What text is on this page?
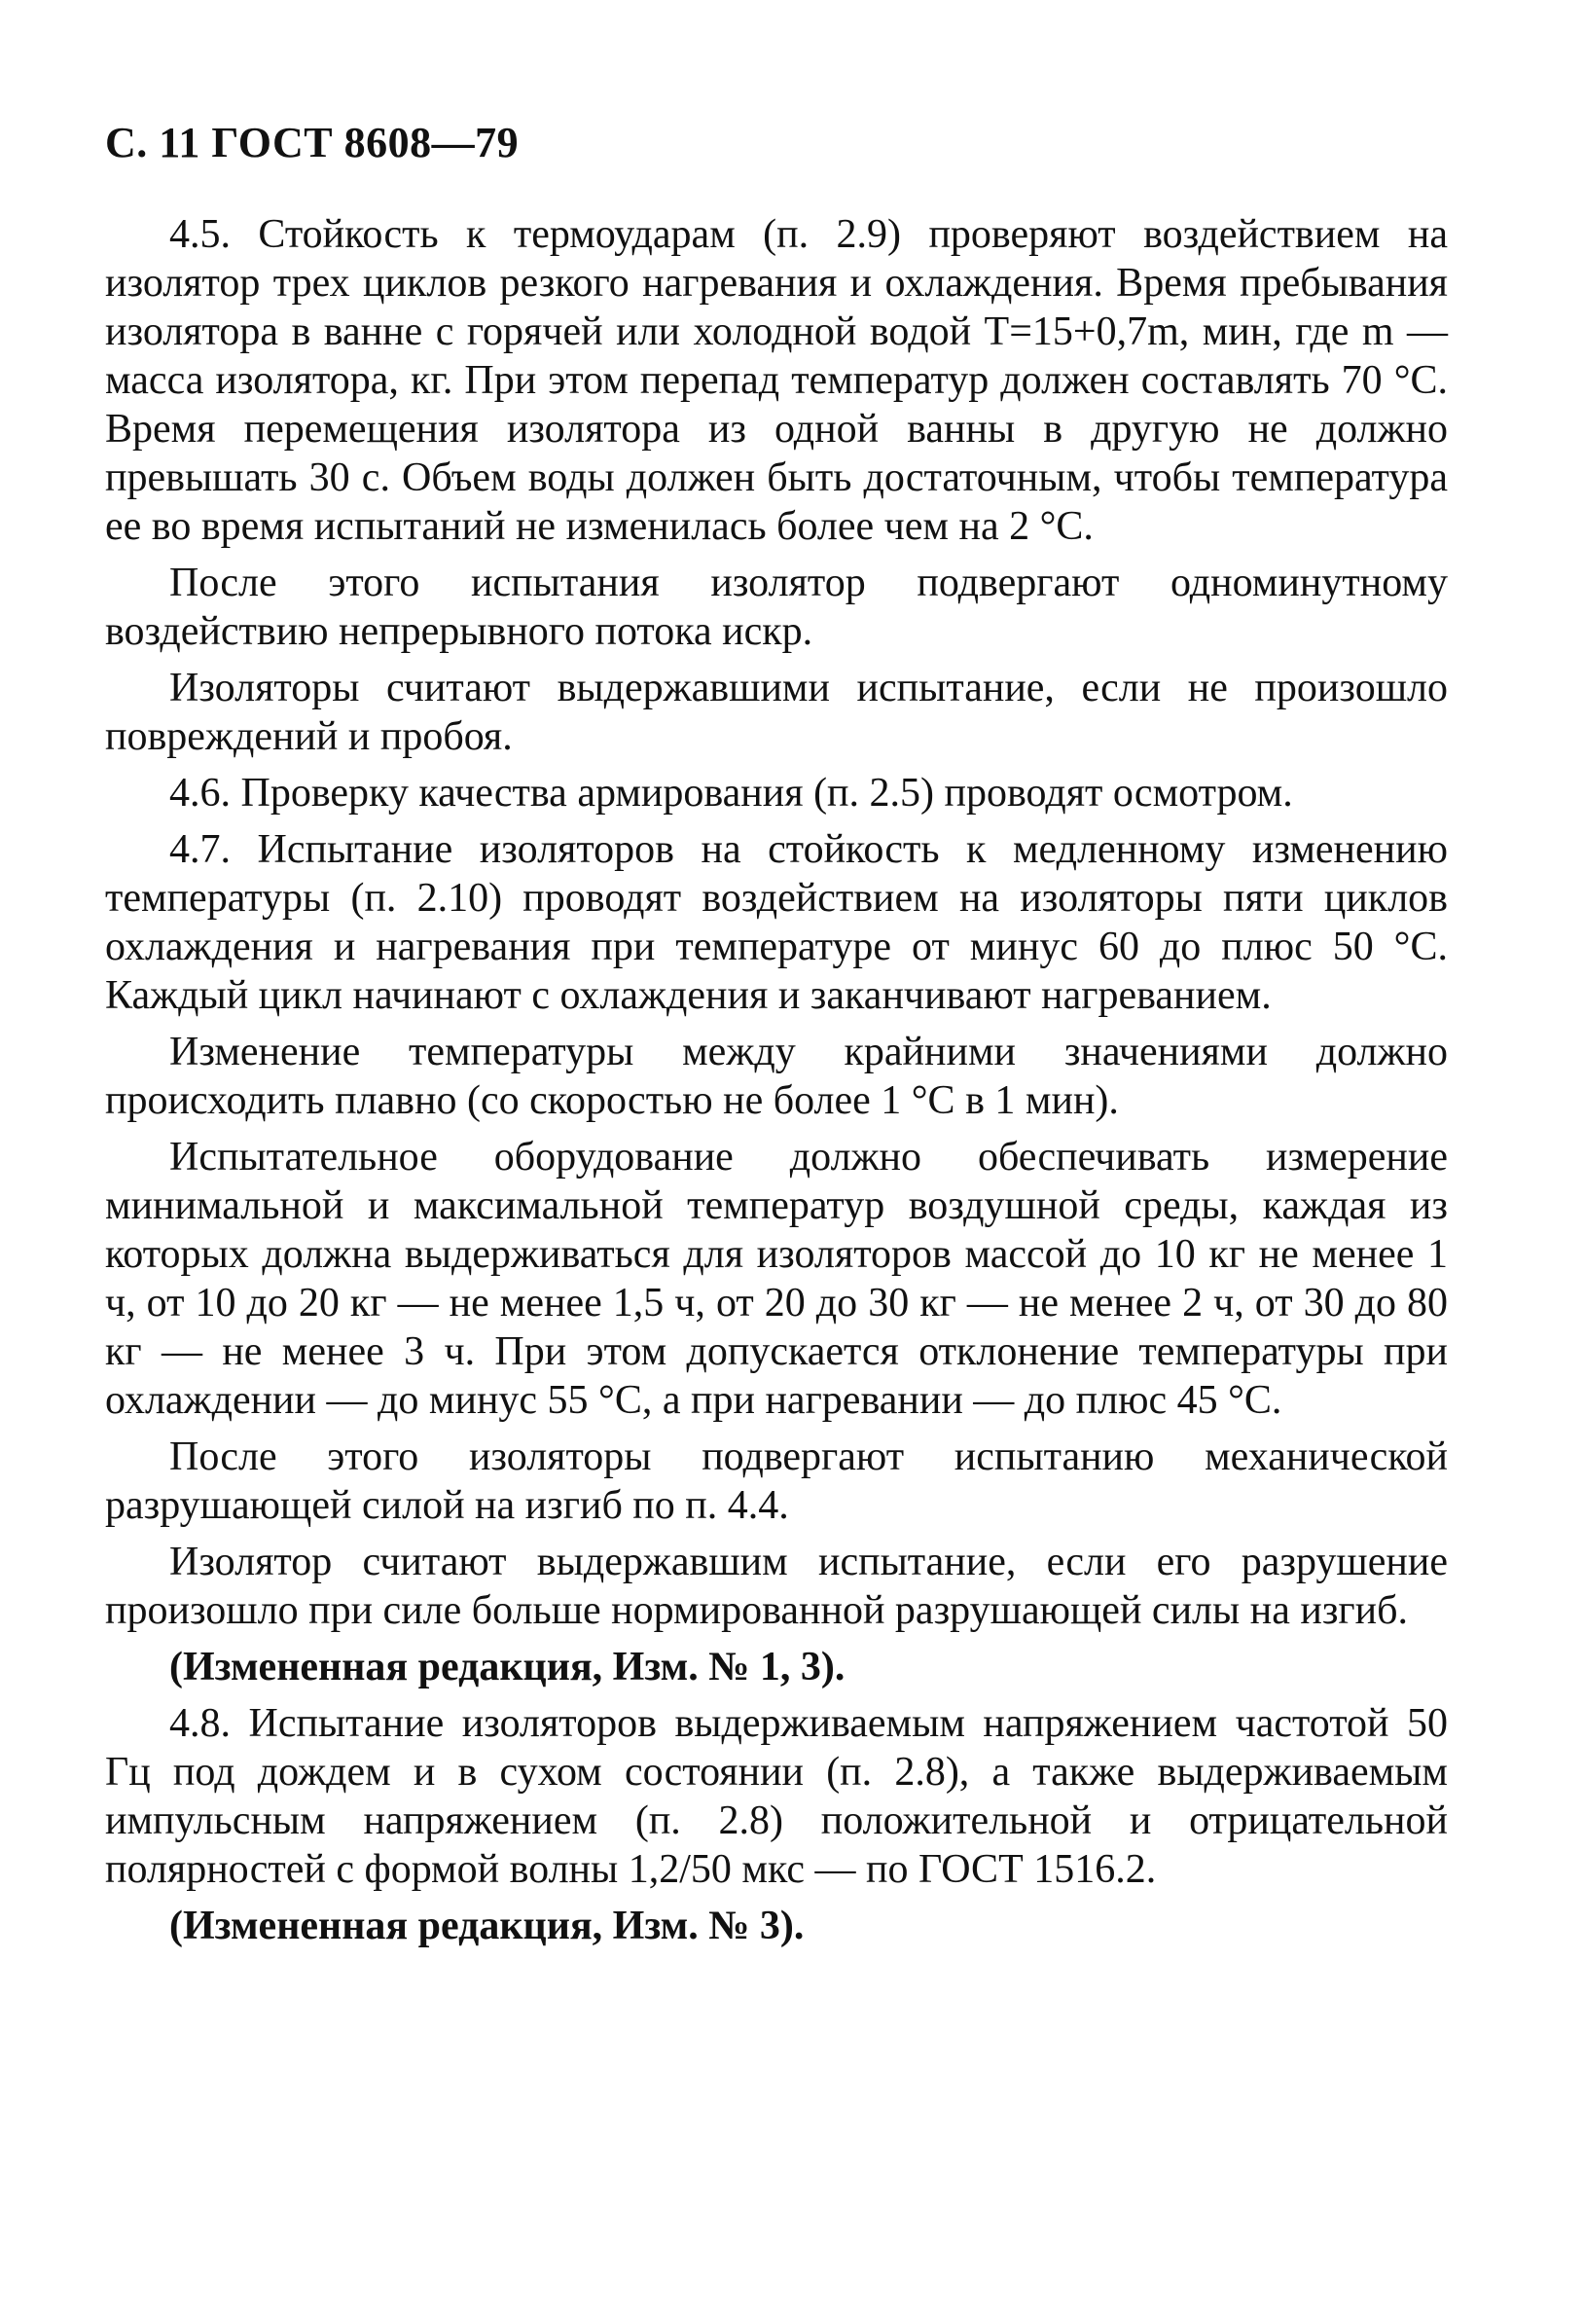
С. 11 ГОСТ 8608—79

4.5. Стойкость к термоударам (п. 2.9) проверяют воздействием на изолятор трех циклов резкого нагревания и охлаждения. Время пребывания изолятора в ванне с горячей или холодной водой Т=15+0,7m, мин, где m — масса изолятора, кг. При этом перепад температур должен составлять 70 °С. Время перемещения изолятора из одной ванны в другую не должно превышать 30 с. Объем воды должен быть достаточным, чтобы температура ее во время испытаний не изменилась более чем на 2 °С.

После этого испытания изолятор подвергают одноминутному воздействию непрерывного потока искр.

Изоляторы считают выдержавшими испытание, если не произошло повреждений и пробоя.

4.6. Проверку качества армирования (п. 2.5) проводят осмотром.

4.7. Испытание изоляторов на стойкость к медленному изменению температуры (п. 2.10) проводят воздействием на изоляторы пяти циклов охлаждения и нагревания при температуре от минус 60 до плюс 50 °С. Каждый цикл начинают с охлаждения и заканчивают нагреванием.

Изменение температуры между крайними значениями должно происходить плавно (со скоростью не более 1 °С в 1 мин).

Испытательное оборудование должно обеспечивать измерение минимальной и максимальной температур воздушной среды, каждая из которых должна выдерживаться для изоляторов массой до 10 кг не менее 1 ч, от 10 до 20 кг — не менее 1,5 ч, от 20 до 30 кг — не менее 2 ч, от 30 до 80 кг — не менее 3 ч. При этом допускается отклонение температуры при охлаждении — до минус 55 °С, а при нагревании — до плюс 45 °С.

После этого изоляторы подвергают испытанию механической разрушающей силой на изгиб по п. 4.4.

Изолятор считают выдержавшим испытание, если его разрушение произошло при силе больше нормированной разрушающей силы на изгиб.

(Измененная редакция, Изм. № 1, 3).

4.8. Испытание изоляторов выдерживаемым напряжением частотой 50 Гц под дождем и в сухом состоянии (п. 2.8), а также выдерживаемым импульсным напряжением (п. 2.8) положительной и отрицательной полярностей с формой волны 1,2/50 мкс — по ГОСТ 1516.2.

(Измененная редакция, Изм. № 3).
